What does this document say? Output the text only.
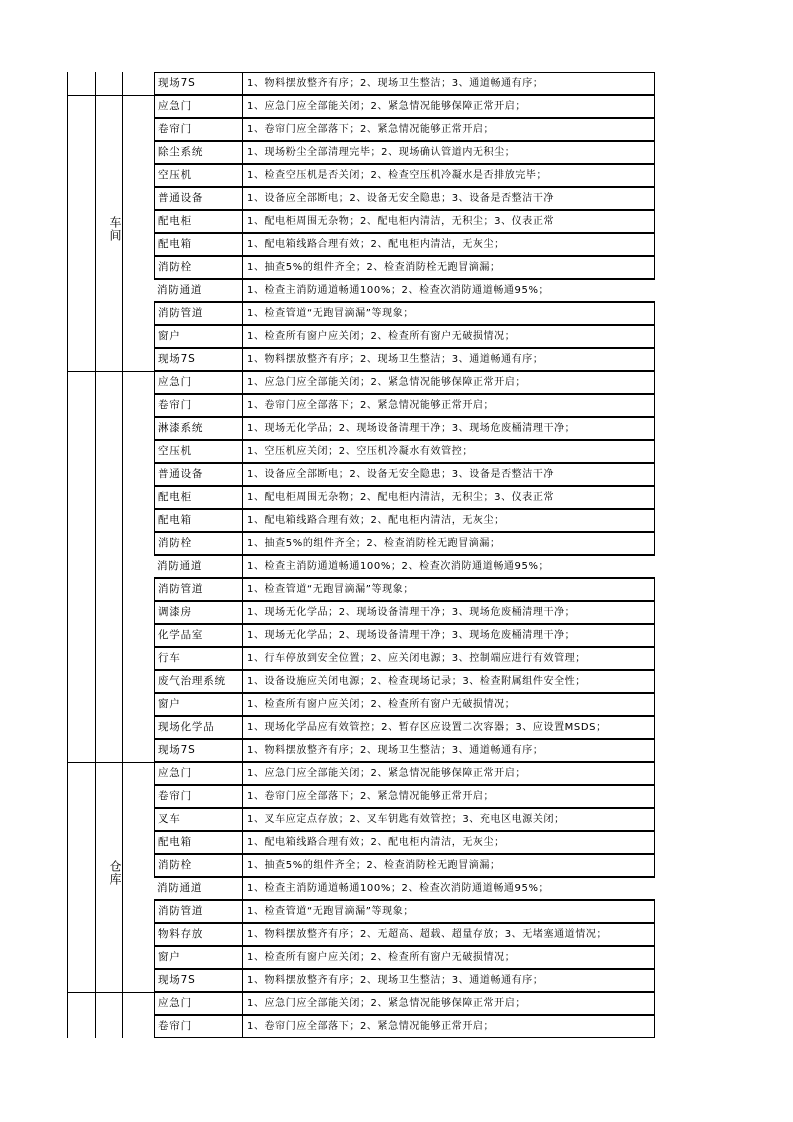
现场7S	1、物料摆放整齐有序；2、现场卫生整洁；3、通道畅通有序；
应急门	1、应急门应全部能关闭；2、紧急情况能够保障正常开启；
卷帘门	1、卷帘门应全部落下；2、紧急情况能够正常开启；
除尘系统	1、现场粉尘全部清理完毕；2、现场确认管道内无积尘；
空压机	1、检查空压机是否关闭；2、检查空压机冷凝水是否排放完毕；
普通设备	1、设备应全部断电；2、设备无安全隐患；3、设备是否整洁干净
配电柜	1、配电柜周围无杂物；2、配电柜内清洁，无积尘；3、仪表正常
配电箱	1、配电箱线路合理有效；2、配电柜内清洁，无灰尘；
消防栓	1、抽查5%的组件齐全；2、检查消防栓无跑冒滴漏；
消防通道	1、检查主消防通道畅通100%；2、检查次消防通道畅通95%；
消防管道	1、检查管道“无跑冒滴漏”等现象；
窗户	1、检查所有窗户应关闭；2、检查所有窗户无破损情况；
现场7S	1、物料摆放整齐有序；2、现场卫生整洁；3、通道畅通有序；
车间
应急门	1、应急门应全部能关闭；2、紧急情况能够保障正常开启；
卷帘门	1、卷帘门应全部落下；2、紧急情况能够正常开启；
淋漆系统	1、现场无化学品；2、现场设备清理干净；3、现场危废桶清理干净；
空压机	1、空压机应关闭；2、空压机冷凝水有效管控；
普通设备	1、设备应全部断电；2、设备无安全隐患；3、设备是否整洁干净
配电柜	1、配电柜周围无杂物；2、配电柜内清洁，无积尘；3、仪表正常
配电箱	1、配电箱线路合理有效；2、配电柜内清洁，无灰尘；
消防栓	1、抽查5%的组件齐全；2、检查消防栓无跑冒滴漏；
消防通道	1、检查主消防通道畅通100%；2、检查次消防通道畅通95%；
消防管道	1、检查管道“无跑冒滴漏”等现象；
调漆房	1、现场无化学品；2、现场设备清理干净；3、现场危废桶清理干净；
化学品室	1、现场无化学品；2、现场设备清理干净；3、现场危废桶清理干净；
行车	1、行车停放到安全位置；2、应关闭电源；3、控制端应进行有效管理；
废气治理系统	1、设备设施应关闭电源；2、检查现场记录；3、检查附属组件安全性；
窗户	1、检查所有窗户应关闭；2、检查所有窗户无破损情况；
现场化学品	1、现场化学品应有效管控；2、暂存区应设置二次容器；3、应设置MSDS；
现场7S	1、物料摆放整齐有序；2、现场卫生整洁；3、通道畅通有序；
应急门	1、应急门应全部能关闭；2、紧急情况能够保障正常开启；
卷帘门	1、卷帘门应全部落下；2、紧急情况能够正常开启；
叉车	1、叉车应定点存放；2、叉车钥匙有效管控；3、充电区电源关闭；
配电箱	1、配电箱线路合理有效；2、配电柜内清洁，无灰尘；
消防栓	1、抽查5%的组件齐全；2、检查消防栓无跑冒滴漏；
消防通道	1、检查主消防通道畅通100%；2、检查次消防通道畅通95%；
消防管道	1、检查管道“无跑冒滴漏”等现象；
物料存放	1、物料摆放整齐有序；2、无超高、超载、超量存放；3、无堵塞通道情况；
窗户	1、检查所有窗户应关闭；2、检查所有窗户无破损情况；
现场7S	1、物料摆放整齐有序；2、现场卫生整洁；3、通道畅通有序；
仓库
应急门	1、应急门应全部能关闭；2、紧急情况能够保障正常开启；
卷帘门	1、卷帘门应全部落下；2、紧急情况能够正常开启；
